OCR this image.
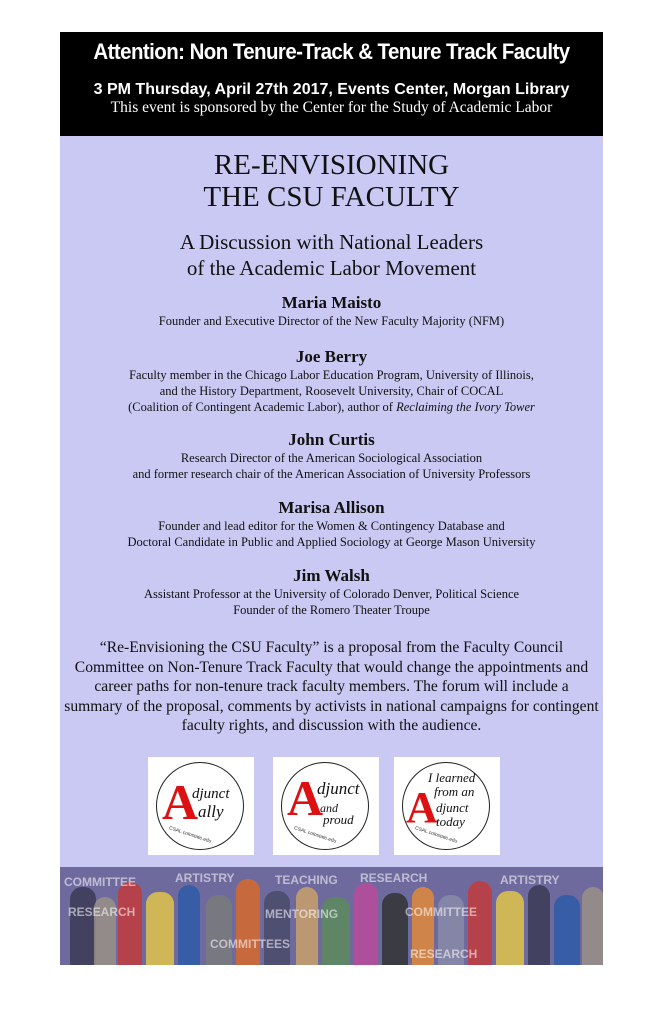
Attention: Non Tenure-Track & Tenure Track Faculty
3 PM Thursday, April 27th 2017, Events Center, Morgan Library
This event is sponsored by the Center for the Study of Academic Labor
RE-ENVISIONING
THE CSU FACULTY
A Discussion with National Leaders
of the Academic Labor Movement
Maria Maisto
Founder and Executive Director of the New Faculty Majority (NFM)
Joe Berry
Faculty member in the Chicago Labor Education Program, University of Illinois,
and the History Department, Roosevelt University, Chair of COCAL
(Coalition of Contingent Academic Labor), author of Reclaiming the Ivory Tower
John Curtis
Research Director of the American Sociological Association
and former research chair of the American Association of University Professors
Marisa Allison
Founder and lead editor for the Women & Contingency Database and
Doctoral Candidate in Public and Applied Sociology at George Mason University
Jim Walsh
Assistant Professor at the University of Colorado Denver, Political Science
Founder of the Romero Theater Troupe
“Re-Envisioning the CSU Faculty” is a proposal from the Faculty Council Committee on Non-Tenure Track Faculty that would change the appointments and career paths for non-tenure track faculty members. The forum will include a summary of the proposal, comments by activists in national campaigns for contingent faculty rights, and discussion with the audience.
A
djunct
ally
CSAL.colostate.edu
A
djunct
and
proud
CSAL.colostate.edu
A
I learned
from an
djunct today
CSAL.colostate.edu
COMMITTEE	ARTISTRY	TEACHING RESEARCH
RESEARCH	MENTORING
COMMITTEES
ARTISTRY
COMMITTEE
RESEARCH
